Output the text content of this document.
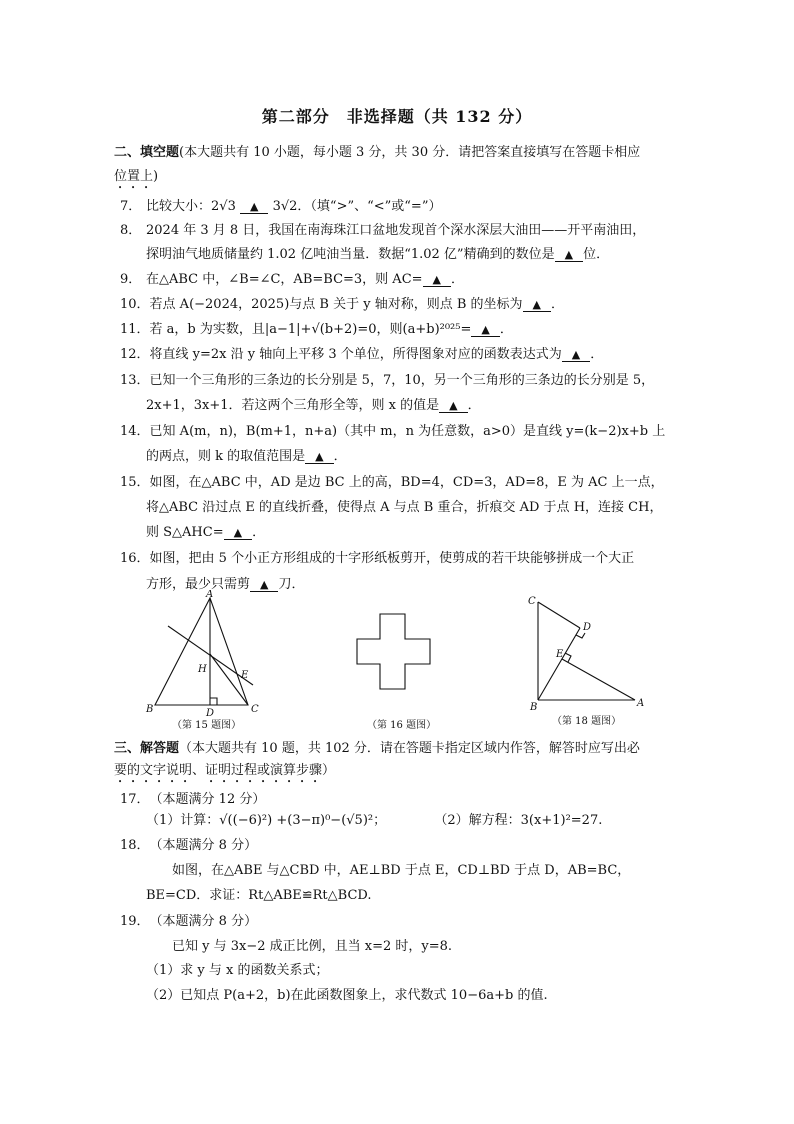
第二部分　非选择题（共 132 分）
二、填空题(本大题共有 10 小题，每小题 3 分，共 30 分．请把答案直接填写在答题卡相应
位置上)
7． 比较大小：2√3 ▲ 3√2．（填“>”、“<”或“=”）
8． 2024 年 3 月 8 日，我国在南海珠江口盆地发现首个深水深层大油田——开平南油田，
探明油气地质储量约 1.02 亿吨油当量．数据“1.02 亿”精确到的数位是 ▲ 位．
9． 在△ABC 中，∠B=∠C，AB=BC=3，则 AC= ▲ ．
10．若点 A(−2024，2025)与点 B 关于 y 轴对称，则点 B 的坐标为 ▲ ．
11．若 a，b 为实数，且|a−1|+√(b+2)=0，则(a+b)²⁰²⁵= ▲ ．
12．将直线 y=2x 沿 y 轴向上平移 3 个单位，所得图象对应的函数表达式为 ▲ ．
13．已知一个三角形的三条边的长分别是 5，7，10，另一个三角形的三条边的长分别是 5，
2x+1，3x+1．若这两个三角形全等，则 x 的值是 ▲ ．
14．已知 A(m，n)，B(m+1，n+a)（其中 m，n 为任意数，a>0）是直线 y=(k−2)x+b 上
的两点，则 k 的取值范围是 ▲ ．
15．如图，在△ABC 中，AD 是边 BC 上的高，BD=4，CD=3，AD=8，E 为 AC 上一点，
将△ABC 沿过点 E 的直线折叠，使得点 A 与点 B 重合，折痕交 AD 于点 H，连接 CH，
则 S△AHC= ▲ ．
16．如图，把由 5 个小正方形组成的十字形纸板剪开，使剪成的若干块能够拼成一个大正
方形，最少只需剪 ▲ 刀．
A
B	C
D
E
H
（第 15 题图）	（第 16 题图）
C
D
E
B	A
（第 18 题图）
三、解答题（本大题共有 10 题，共 102 分．请在答题卡指定区域内作答，解答时应写出必
要的文字说明、证明过程或演算步骤）
17．（本题满分 12 分）
（1）计算：√((−6)²) +(3−π)⁰−(√5)²；	（2）解方程：3(x+1)²=27.
18．（本题满分 8 分）
如图，在△ABE 与△CBD 中，AE⊥BD 于点 E，CD⊥BD 于点 D，AB=BC，
BE=CD．求证：Rt△ABE≌Rt△BCD.
19．（本题满分 8 分）
已知 y 与 3x−2 成正比例，且当 x=2 时，y=8.
（1）求 y 与 x 的函数关系式；
（2）已知点 P(a+2，b)在此函数图象上，求代数式 10−6a+b 的值.
